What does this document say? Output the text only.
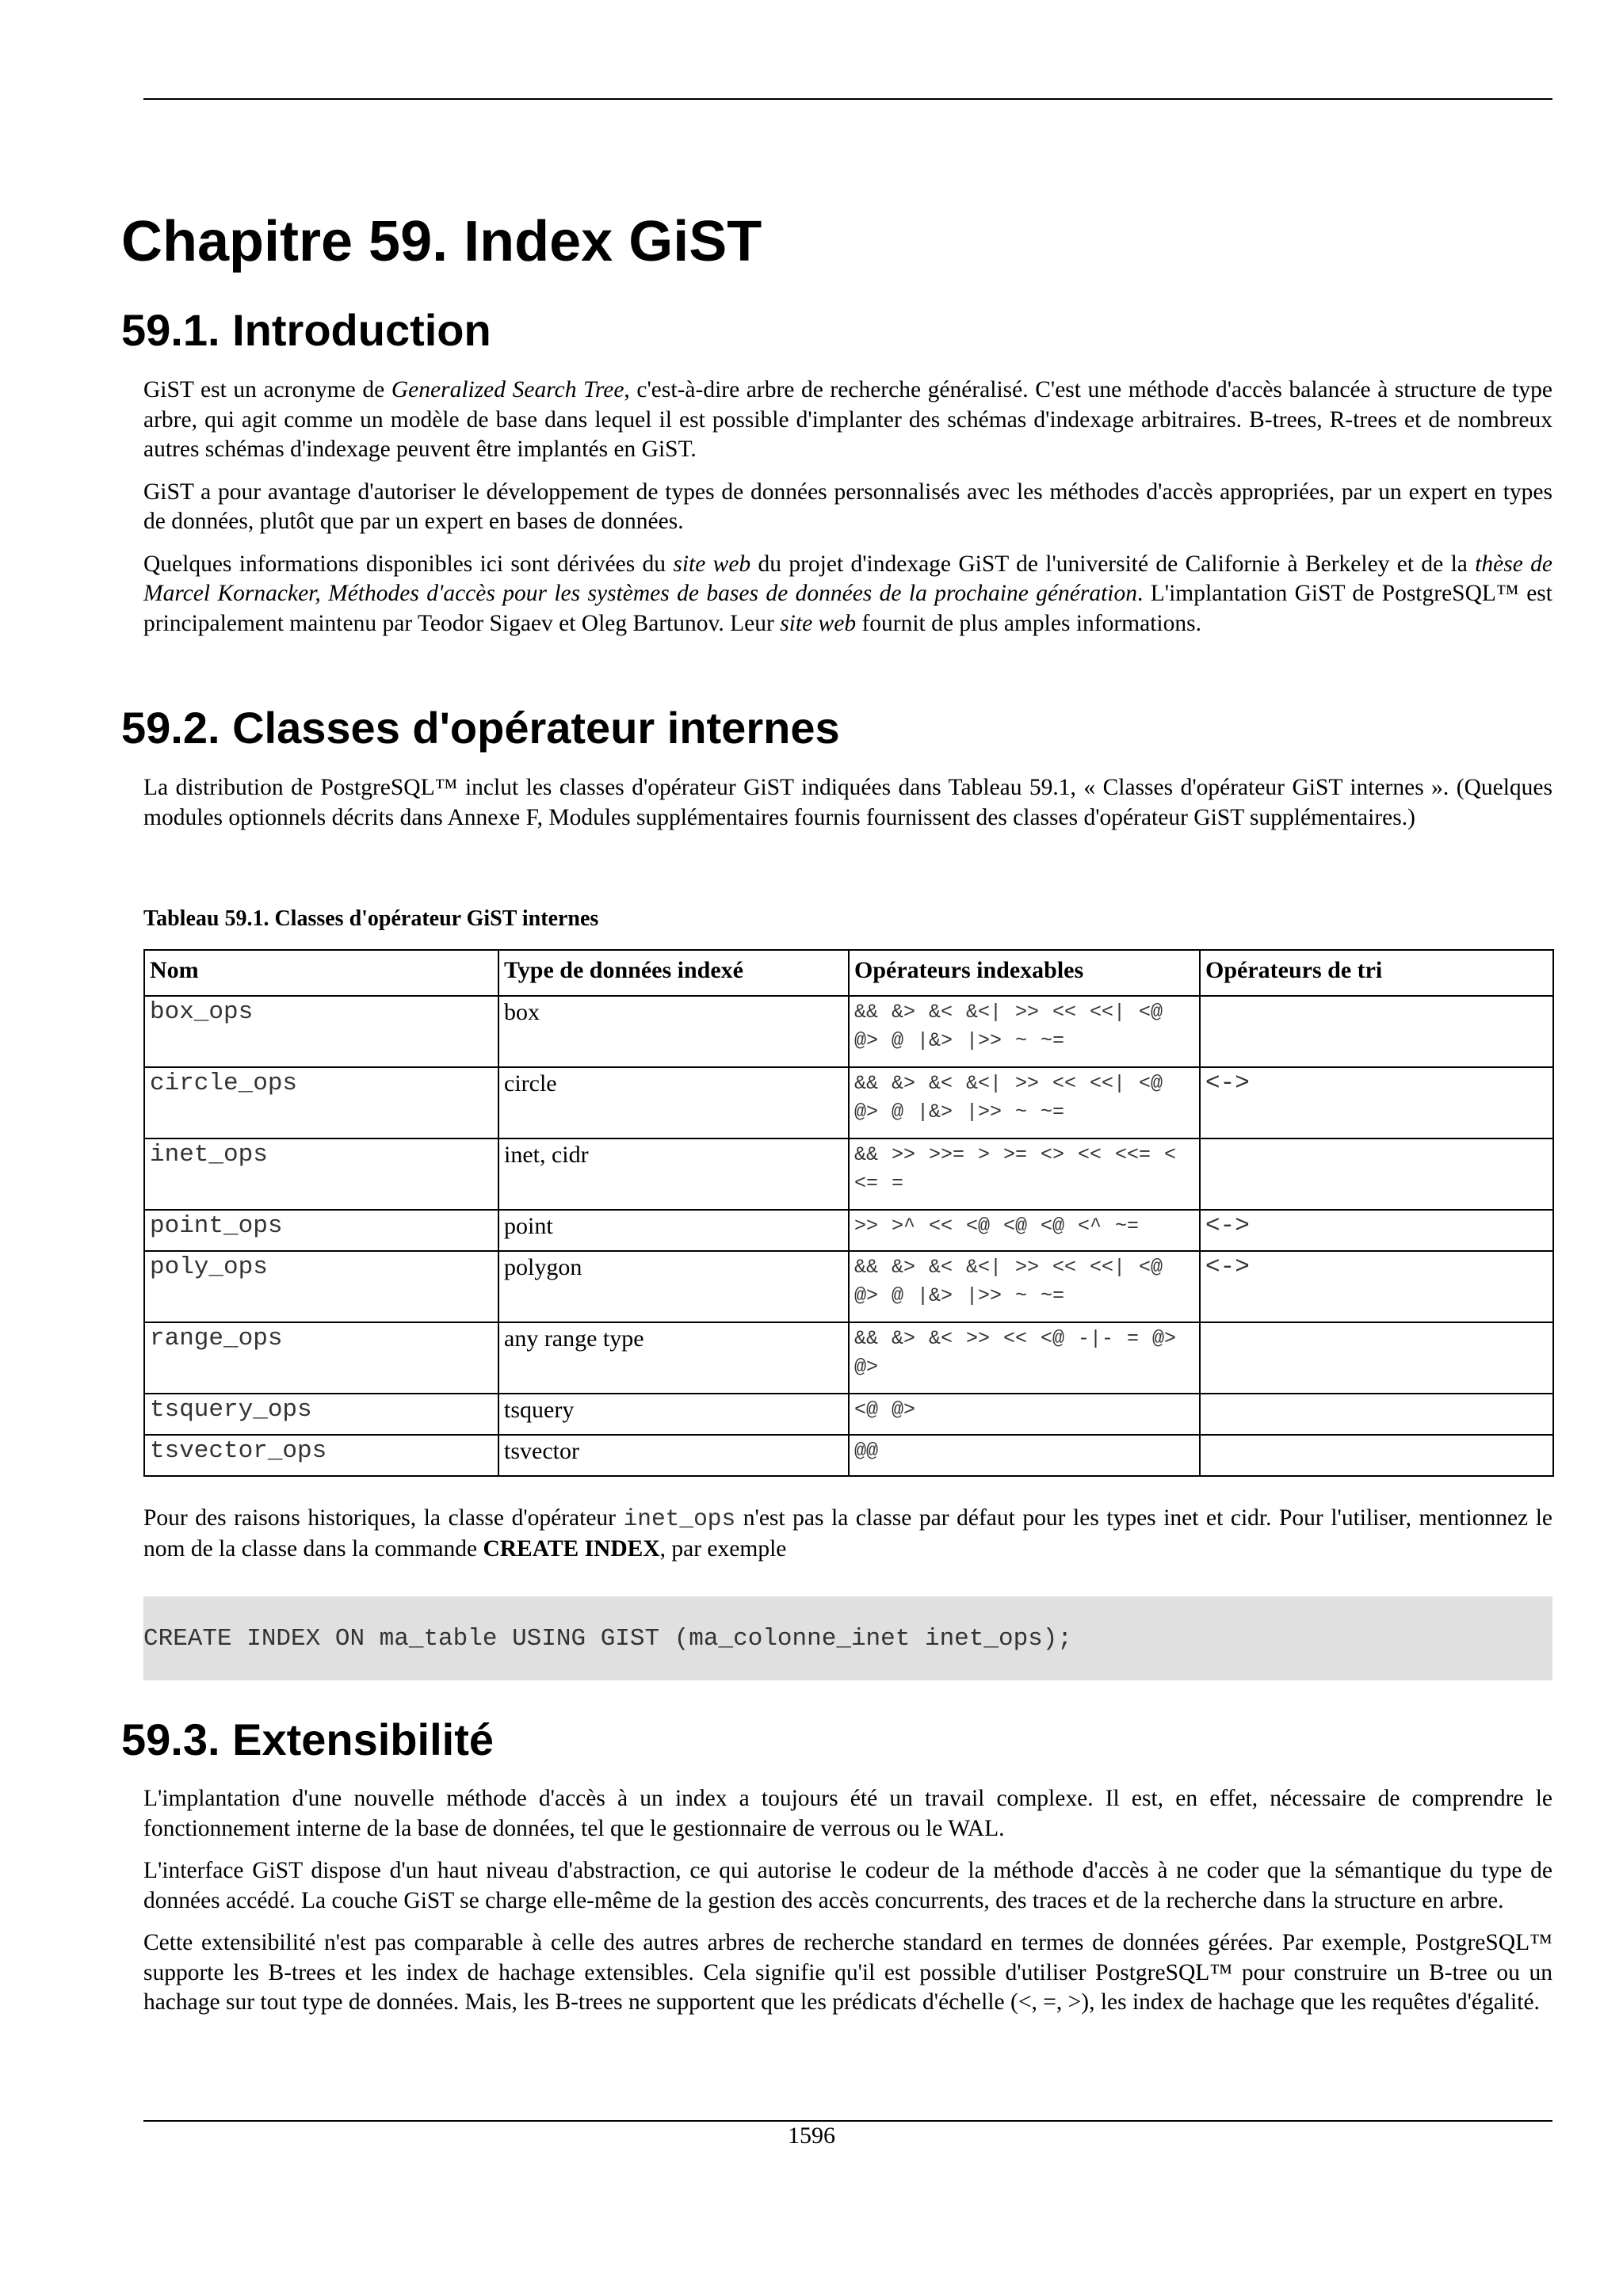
Chapitre 59. Index GiST
59.1. Introduction

GiST est un acronyme de Generalized Search Tree, c'est-à-dire arbre de recherche généralisé. C'est une méthode d'accès balancée à structure de type arbre, qui agit comme un modèle de base dans lequel il est possible d'implanter des schémas d'indexage arbitraires. B-trees, R-trees et de nombreux autres schémas d'indexage peuvent être implantés en GiST.

GiST a pour avantage d'autoriser le développement de types de données personnalisés avec les méthodes d'accès appropriées, par un expert en types de données, plutôt que par un expert en bases de données.

Quelques informations disponibles ici sont dérivées du site web du projet d'indexage GiST de l'université de Californie à Berkeley et de la thèse de Marcel Kornacker, Méthodes d'accès pour les systèmes de bases de données de la prochaine génération. L'implantation GiST de PostgreSQL™ est principalement maintenu par Teodor Sigaev et Oleg Bartunov. Leur site web fournit de plus amples informations.

59.2. Classes d'opérateur internes

La distribution de PostgreSQL™ inclut les classes d'opérateur GiST indiquées dans Tableau 59.1, « Classes d'opérateur GiST internes ». (Quelques modules optionnels décrits dans Annexe F, Modules supplémentaires fournis fournissent des classes d'opérateur GiST supplémentaires.)

Tableau 59.1. Classes d'opérateur GiST internes
Nom	Type de données indexé	Opérateurs indexables	Opérateurs de tri
box_ops	box	&& &> &< &<| >> << <<| <@ @> @ |&> |>> ~ ~=	
circle_ops	circle	&& &> &< &<| >> << <<| <@ @> @ |&> |>> ~ ~=	<->
inet_ops	inet, cidr	&& >> >>= > >= <> << <<= < <= =	
point_ops	point	>> >^ << <@ <@ <@ <^ ~=	<->
poly_ops	polygon	&& &> &< &<| >> << <<| <@ @> @ |&> |>> ~ ~=	<->
range_ops	any range type	&& &> &< >> << <@ -|- = @> @>	
tsquery_ops	tsquery	<@ @>	
tsvector_ops	tsvector	@@	

Pour des raisons historiques, la classe d'opérateur inet_ops n'est pas la classe par défaut pour les types inet et cidr. Pour l'utiliser, mentionnez le nom de la classe dans la commande CREATE INDEX, par exemple

CREATE INDEX ON ma_table USING GIST (ma_colonne_inet inet_ops);
59.3. Extensibilité

L'implantation d'une nouvelle méthode d'accès à un index a toujours été un travail complexe. Il est, en effet, nécessaire de comprendre le fonctionnement interne de la base de données, tel que le gestionnaire de verrous ou le WAL.

L'interface GiST dispose d'un haut niveau d'abstraction, ce qui autorise le codeur de la méthode d'accès à ne coder que la sémantique du type de données accédé. La couche GiST se charge elle-même de la gestion des accès concurrents, des traces et de la recherche dans la structure en arbre.

Cette extensibilité n'est pas comparable à celle des autres arbres de recherche standard en termes de données gérées. Par exemple, PostgreSQL™ supporte les B-trees et les index de hachage extensibles. Cela signifie qu'il est possible d'utiliser PostgreSQL™ pour construire un B-tree ou un hachage sur tout type de données. Mais, les B-trees ne supportent que les prédicats d'échelle (<, =, >), les index de hachage que les requêtes d'égalité.

1596
